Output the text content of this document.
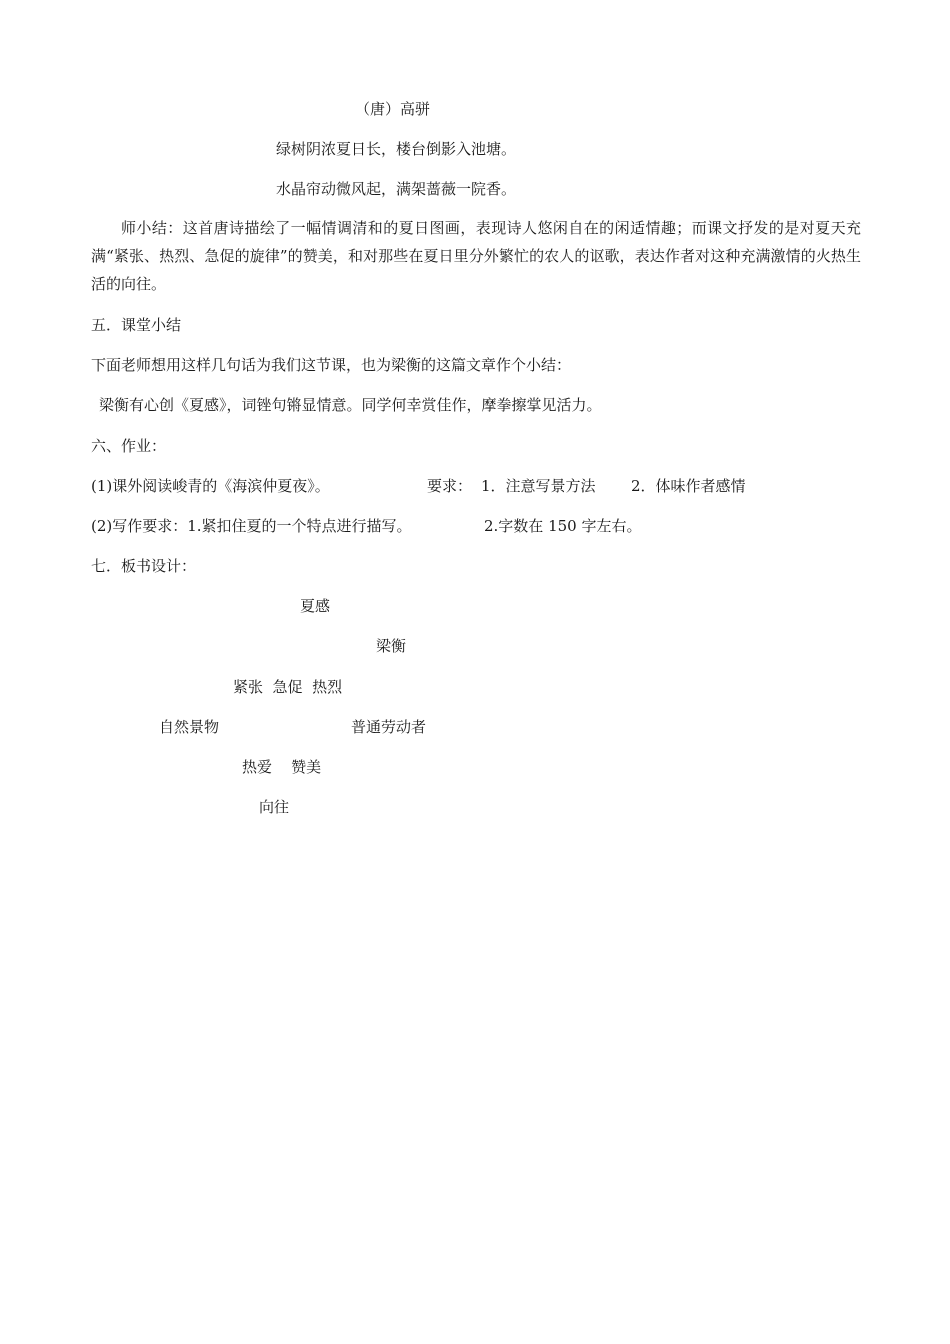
（唐）高骈
绿树阴浓夏日长，楼台倒影入池塘。
水晶帘动微风起，满架蔷薇一院香。

师小结：这首唐诗描绘了一幅情调清和的夏日图画，表现诗人悠闲自在的闲适情趣；而课文抒发的是对夏天充满“紧张、热烈、急促的旋律”的赞美，和对那些在夏日里分外繁忙的农人的讴歌，表达作者对这种充满激情的火热生活的向往。

五．课堂小结
下面老师想用这样几句话为我们这节课，也为梁衡的这篇文章作个小结：
梁衡有心创《夏感》，词锉句锵显情意。同学何幸赏佳作，摩拳擦掌见活力。
六、作业：
(1)课外阅读峻青的《海滨仲夏夜》。	要求： 1．注意写景方法 2．体味作者感情
(2)写作要求：1.紧扣住夏的一个特点进行描写。	2.字数在 150 字左右。
七．板书设计：
夏感
梁衡
紧张  急促  热烈
自然景物	普通劳动者
热爱    赞美
向往
